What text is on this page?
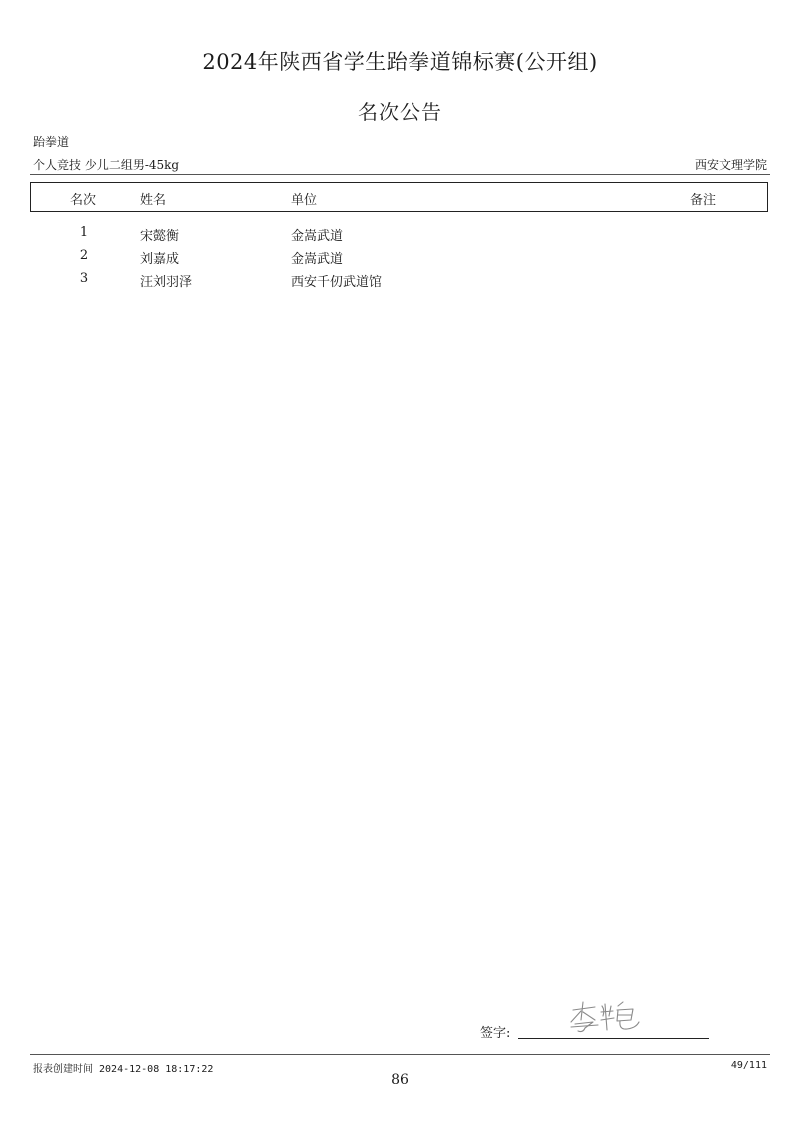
2024年陕西省学生跆拳道锦标赛(公开组)
名次公告
跆拳道
个人竞技 少儿二组男-45kg	西安文理学院
名次	姓名	单位	备注
1	宋懿衡	金嵩武道
2	刘嘉成	金嵩武道
3	汪刘羽泽	西安千仞武道馆
签字:
报表创建时间 2024-12-08 18:17:22	49/111
86
